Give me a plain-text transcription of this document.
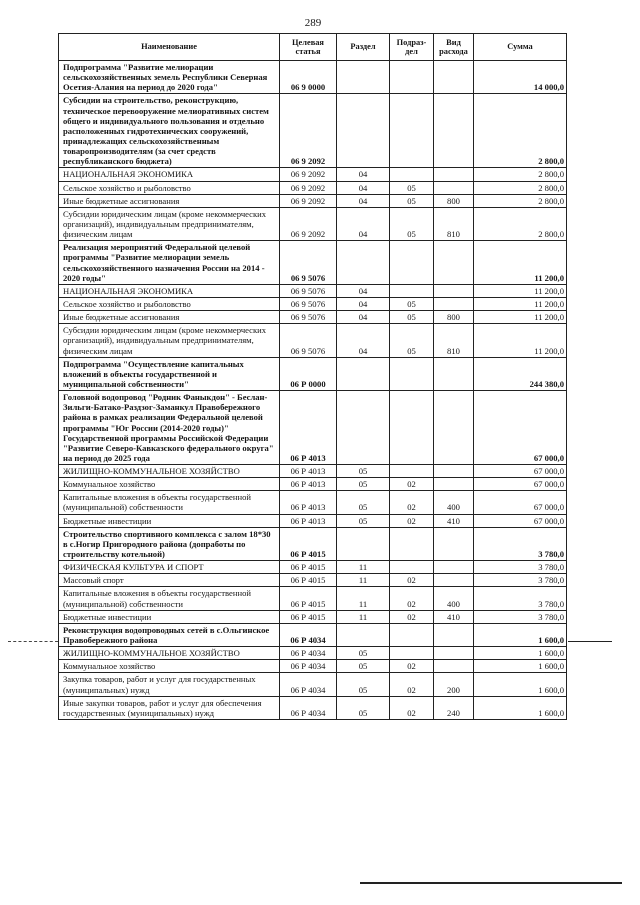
289
Наименование	Целевая статья	Раздел	Подраз-дел	Вид расхода	Сумма
Подпрограмма "Развитие мелиорации сельскохозяйственных земель Республики Северная Осетия-Алания на период до 2020 года"	06 9 0000				14 000,0
Субсидии на строительство, реконструкцию, техническое перевооружение мелиоративных систем общего и индивидуального пользования и отдельно расположенных гидротехнических сооружений, принадлежащих сельскохозяйственным товаропроизводителям (за счет средств республиканского бюджета)	06 9 2092				2 800,0
НАЦИОНАЛЬНАЯ ЭКОНОМИКА	06 9 2092	04			2 800,0
Сельское хозяйство и рыболовство	06 9 2092	04	05		2 800,0
Иные бюджетные ассигнования	06 9 2092	04	05	800	2 800,0
Субсидии юридическим лицам (кроме некоммерческих организаций), индивидуальным предпринимателям, физическим лицам	06 9 2092	04	05	810	2 800,0
Реализация мероприятий Федеральной целевой программы "Развитие мелиорации земель сельскохозяйственного назначения России на 2014 - 2020 годы"	06 9 5076				11 200,0
НАЦИОНАЛЬНАЯ ЭКОНОМИКА	06 9 5076	04			11 200,0
Сельское хозяйство и рыболовство	06 9 5076	04	05		11 200,0
Иные бюджетные ассигнования	06 9 5076	04	05	800	11 200,0
Субсидии юридическим лицам (кроме некоммерческих организаций), индивидуальным предпринимателям, физическим лицам	06 9 5076	04	05	810	11 200,0
Подпрограмма "Осуществление капитальных вложений в объекты государственной и муниципальной собственности"	06 Р 0000				244 380,0
Головной водопровод "Родник Фаныкдон" - Беслан-Зильги-Батако-Раздзог-Заманкул Правобережного района в рамках реализации Федеральной целевой программы "Юг России (2014-2020 годы)" Государственной программы Российской Федерации "Развитие Северо-Кавказского федерального округа" на период до 2025 года	06 Р 4013				67 000,0
ЖИЛИЩНО-КОММУНАЛЬНОЕ ХОЗЯЙСТВО	06 Р 4013	05			67 000,0
Коммунальное хозяйство	06 Р 4013	05	02		67 000,0
Капитальные вложения в объекты государственной (муниципальной) собственности	06 Р 4013	05	02	400	67 000,0
Бюджетные инвестиции	06 Р 4013	05	02	410	67 000,0
Строительство спортивного комплекса с залом 18*30 в с.Ногир Пригородного района (допработы по строительству котельной)	06 Р 4015				3 780,0
ФИЗИЧЕСКАЯ КУЛЬТУРА И СПОРТ	06 Р 4015	11			3 780,0
Массовый спорт	06 Р 4015	11	02		3 780,0
Капитальные вложения в объекты государственной (муниципальной) собственности	06 Р 4015	11	02	400	3 780,0
Бюджетные инвестиции	06 Р 4015	11	02	410	3 780,0
Реконструкция водопроводных сетей в с.Ольгинское Правобережного района	06 Р 4034				1 600,0
ЖИЛИЩНО-КОММУНАЛЬНОЕ ХОЗЯЙСТВО	06 Р 4034	05			1 600,0
Коммунальное хозяйство	06 Р 4034	05	02		1 600,0
Закупка товаров, работ и услуг для государственных (муниципальных) нужд	06 Р 4034	05	02	200	1 600,0
Иные закупки товаров, работ и услуг для обеспечения государственных (муниципальных) нужд	06 Р 4034	05	02	240	1 600,0
